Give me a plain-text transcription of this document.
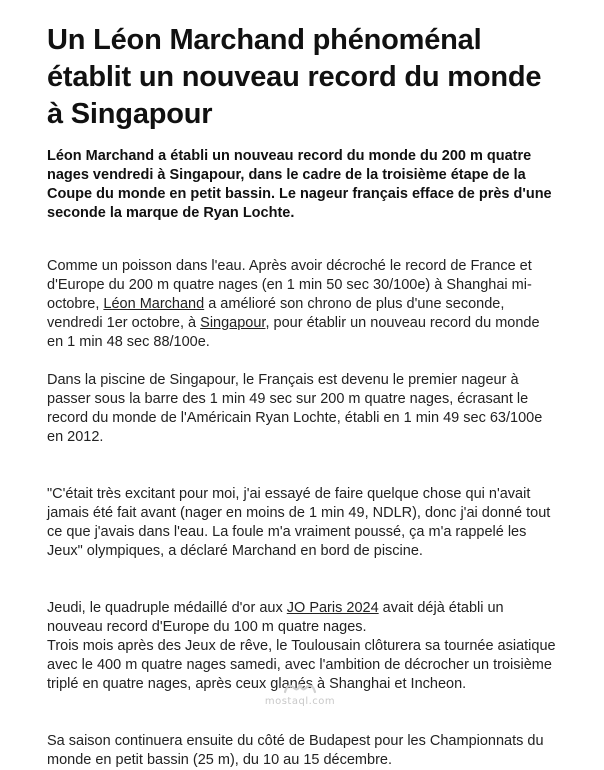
Un Léon Marchand phénoménal établit un nouveau record du monde à Singapour

Léon Marchand a établi un nouveau record du monde du 200 m quatre nages vendredi à Singapour, dans le cadre de la troisième étape de la Coupe du monde en petit bassin. Le nageur français efface de près d'une seconde la marque de Ryan Lochte.

Comme un poisson dans l'eau. Après avoir décroché le record de France et d'Europe du 200 m quatre nages (en 1 min 50 sec 30/100e) à Shanghai mi-octobre, Léon Marchand a amélioré son chrono de plus d'une seconde, vendredi 1er octobre, à Singapour, pour établir un nouveau record du monde en 1 min 48 sec 88/100e.

Dans la piscine de Singapour, le Français est devenu le premier nageur à passer sous la barre des 1 min 49 sec sur 200 m quatre nages, écrasant le record du monde de l'Américain Ryan Lochte, établi en 1 min 49 sec 63/100e en 2012.

"C'était très excitant pour moi, j'ai essayé de faire quelque chose qui n'avait jamais été fait avant (nager en moins de 1 min 49, NDLR), donc j'ai donné tout ce que j'avais dans l'eau. La foule m'a vraiment poussé, ça m'a rappelé les Jeux" olympiques, a déclaré Marchand en bord de piscine.

Jeudi, le quadruple médaillé d'or aux JO Paris 2024 avait déjà établi un nouveau record d'Europe du 100 m quatre nages.

Trois mois après des Jeux de rêve, le Toulousain clôturera sa tournée asiatique avec le 400 m quatre nages samedi, avec l'ambition de décrocher un troisième triplé en quatre nages, après ceux glanés à Shanghai et Incheon.

Sa saison continuera ensuite du côté de Budapest pour les Championnats du monde en petit bassin (25 m), du 10 au 15 décembre.

mostaql.com
